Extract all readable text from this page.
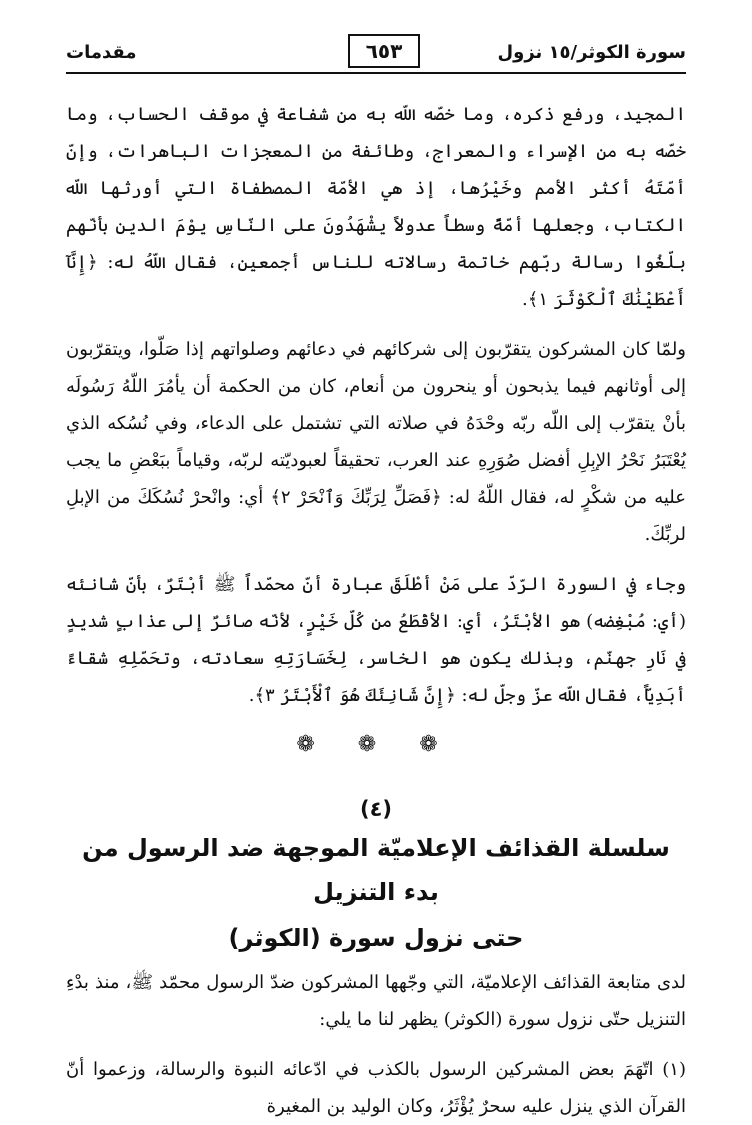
سورة الكوثر/١٥ نزول
٦٥٣
مقدمات

المجيد، ورفع ذكره، وما خصّه اللّه به من شفاعة في موقف الحساب، وما خصّه به من الإسراء والمعراج، وطائفة من المعجزات الباهرات، وإنّ أمّتَهُ أكثر الأمم وخَيْرُها، إذ هي الأمّة المصطفاة التي أورثها اللّه الكتاب، وجعلها أمّةً وسطاً عدولاً يشْهَدُونَ على النّاسِ يوْمَ الدين بأنّهم بلّغُوا رسالة ربّهم خاتمة رسالاته للناس أجمعين، فقال اللّهُ له: ﴿إِنَّآ أَعْطَيْنَٰكَ ٱلْكَوْثَرَ ١﴾.

ولمّا كان المشركون يتقرّبون إلى شركائهم في دعائهم وصلواتهم إذا صَلّوا، ويتقرّبون إلى أوثانهم فيما يذبحون أو ينحرون من أنعام، كان من الحكمة أن يأمُرَ اللّهُ رَسُولَه بأنْ يتقرّب إلى اللّه ربّه وحْدَهُ في صلاته التي تشتمل على الدعاء، وفي نُسُكه الذي يُعْتَبَرُ نَحْرُ الإبِلِ أفضل صُوَرِهِ عند العرب، تحقيقاً لعبوديّته لربّه، وقياماً ببَعْضِ ما يجب عليه من شكْرٍ له، فقال اللّهُ له: ﴿فَصَلِّ لِرَبِّكَ وَٱنْحَرْ ٢﴾ أي: وانْحرْ نُسُكَكَ من الإبلِ لربِّكَ.

وجاء في السورة الرّدّ على مَنْ أطْلَقَ عبارة أنّ محمّداً ﷺ أبْتَرٌ، بأنّ شانئه (أي: مُبْغِضه) هو الأبْتَرُ، أي: الأقْطَعُ من كُلّ خَيْرٍ، لأنّه صائرٌ إلى عذابٍ شديدٍ في نَارِ جهنّم، وبذلك يكون هو الخاسر، لِخَسَارَتِهِ سعادته، وتحَمّلِهِ شقاءً أبَدِيّاً، فقال اللّه عزّ وجلّ له: ﴿إِنَّ شَانِئَكَ هُوَ ٱلْأَبْتَرُ ٣﴾.

❁ ❁ ❁
(٤)
سلسلة القذائف الإعلاميّة الموجهة ضد الرسول من بدء التنزيل
حتى نزول سورة (الكوثر)

لدى متابعة القذائف الإعلاميّة، التي وجّهها المشركون ضدّ الرسول محمّد ﷺ، منذ بدْءِ التنزيل حتّى نزول سورة (الكوثر) يظهر لنا ما يلي:

(١) اتّهَمَ بعض المشركين الرسول بالكذب في ادّعائه النبوة والرسالة، وزعموا أنّ القرآن الذي ينزل عليه سحرٌ يُؤْثَرُ، وكان الوليد بن المغيرة
